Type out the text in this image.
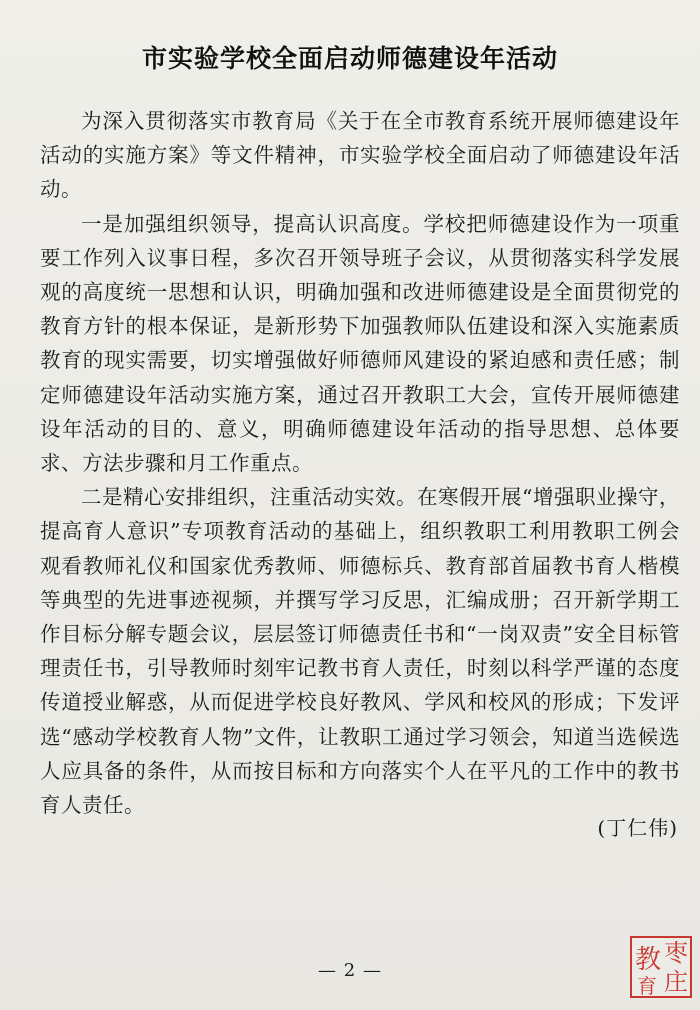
市实验学校全面启动师德建设年活动

为深入贯彻落实市教育局《关于在全市教育系统开展师德建设年活动的实施方案》等文件精神，市实验学校全面启动了师德建设年活动。

一是加强组织领导，提高认识高度。学校把师德建设作为一项重要工作列入议事日程，多次召开领导班子会议，从贯彻落实科学发展观的高度统一思想和认识，明确加强和改进师德建设是全面贯彻党的教育方针的根本保证，是新形势下加强教师队伍建设和深入实施素质教育的现实需要，切实增强做好师德师风建设的紧迫感和责任感；制定师德建设年活动实施方案，通过召开教职工大会，宣传开展师德建设年活动的目的、意义，明确师德建设年活动的指导思想、总体要求、方法步骤和月工作重点。

二是精心安排组织，注重活动实效。在寒假开展“增强职业操守，提高育人意识”专项教育活动的基础上，组织教职工利用教职工例会观看教师礼仪和国家优秀教师、师德标兵、教育部首届教书育人楷模等典型的先进事迹视频，并撰写学习反思，汇编成册；召开新学期工作目标分解专题会议，层层签订师德责任书和“一岗双责”安全目标管理责任书，引导教师时刻牢记教书育人责任，时刻以科学严谨的态度传道授业解惑，从而促进学校良好教风、学风和校风的形成；下发评选“感动学校教育人物”文件，让教职工通过学习领会，知道当选候选人应具备的条件，从而按目标和方向落实个人在平凡的工作中的教书育人责任。

(丁仁伟)
— 2 —
枣
庄
教
育
